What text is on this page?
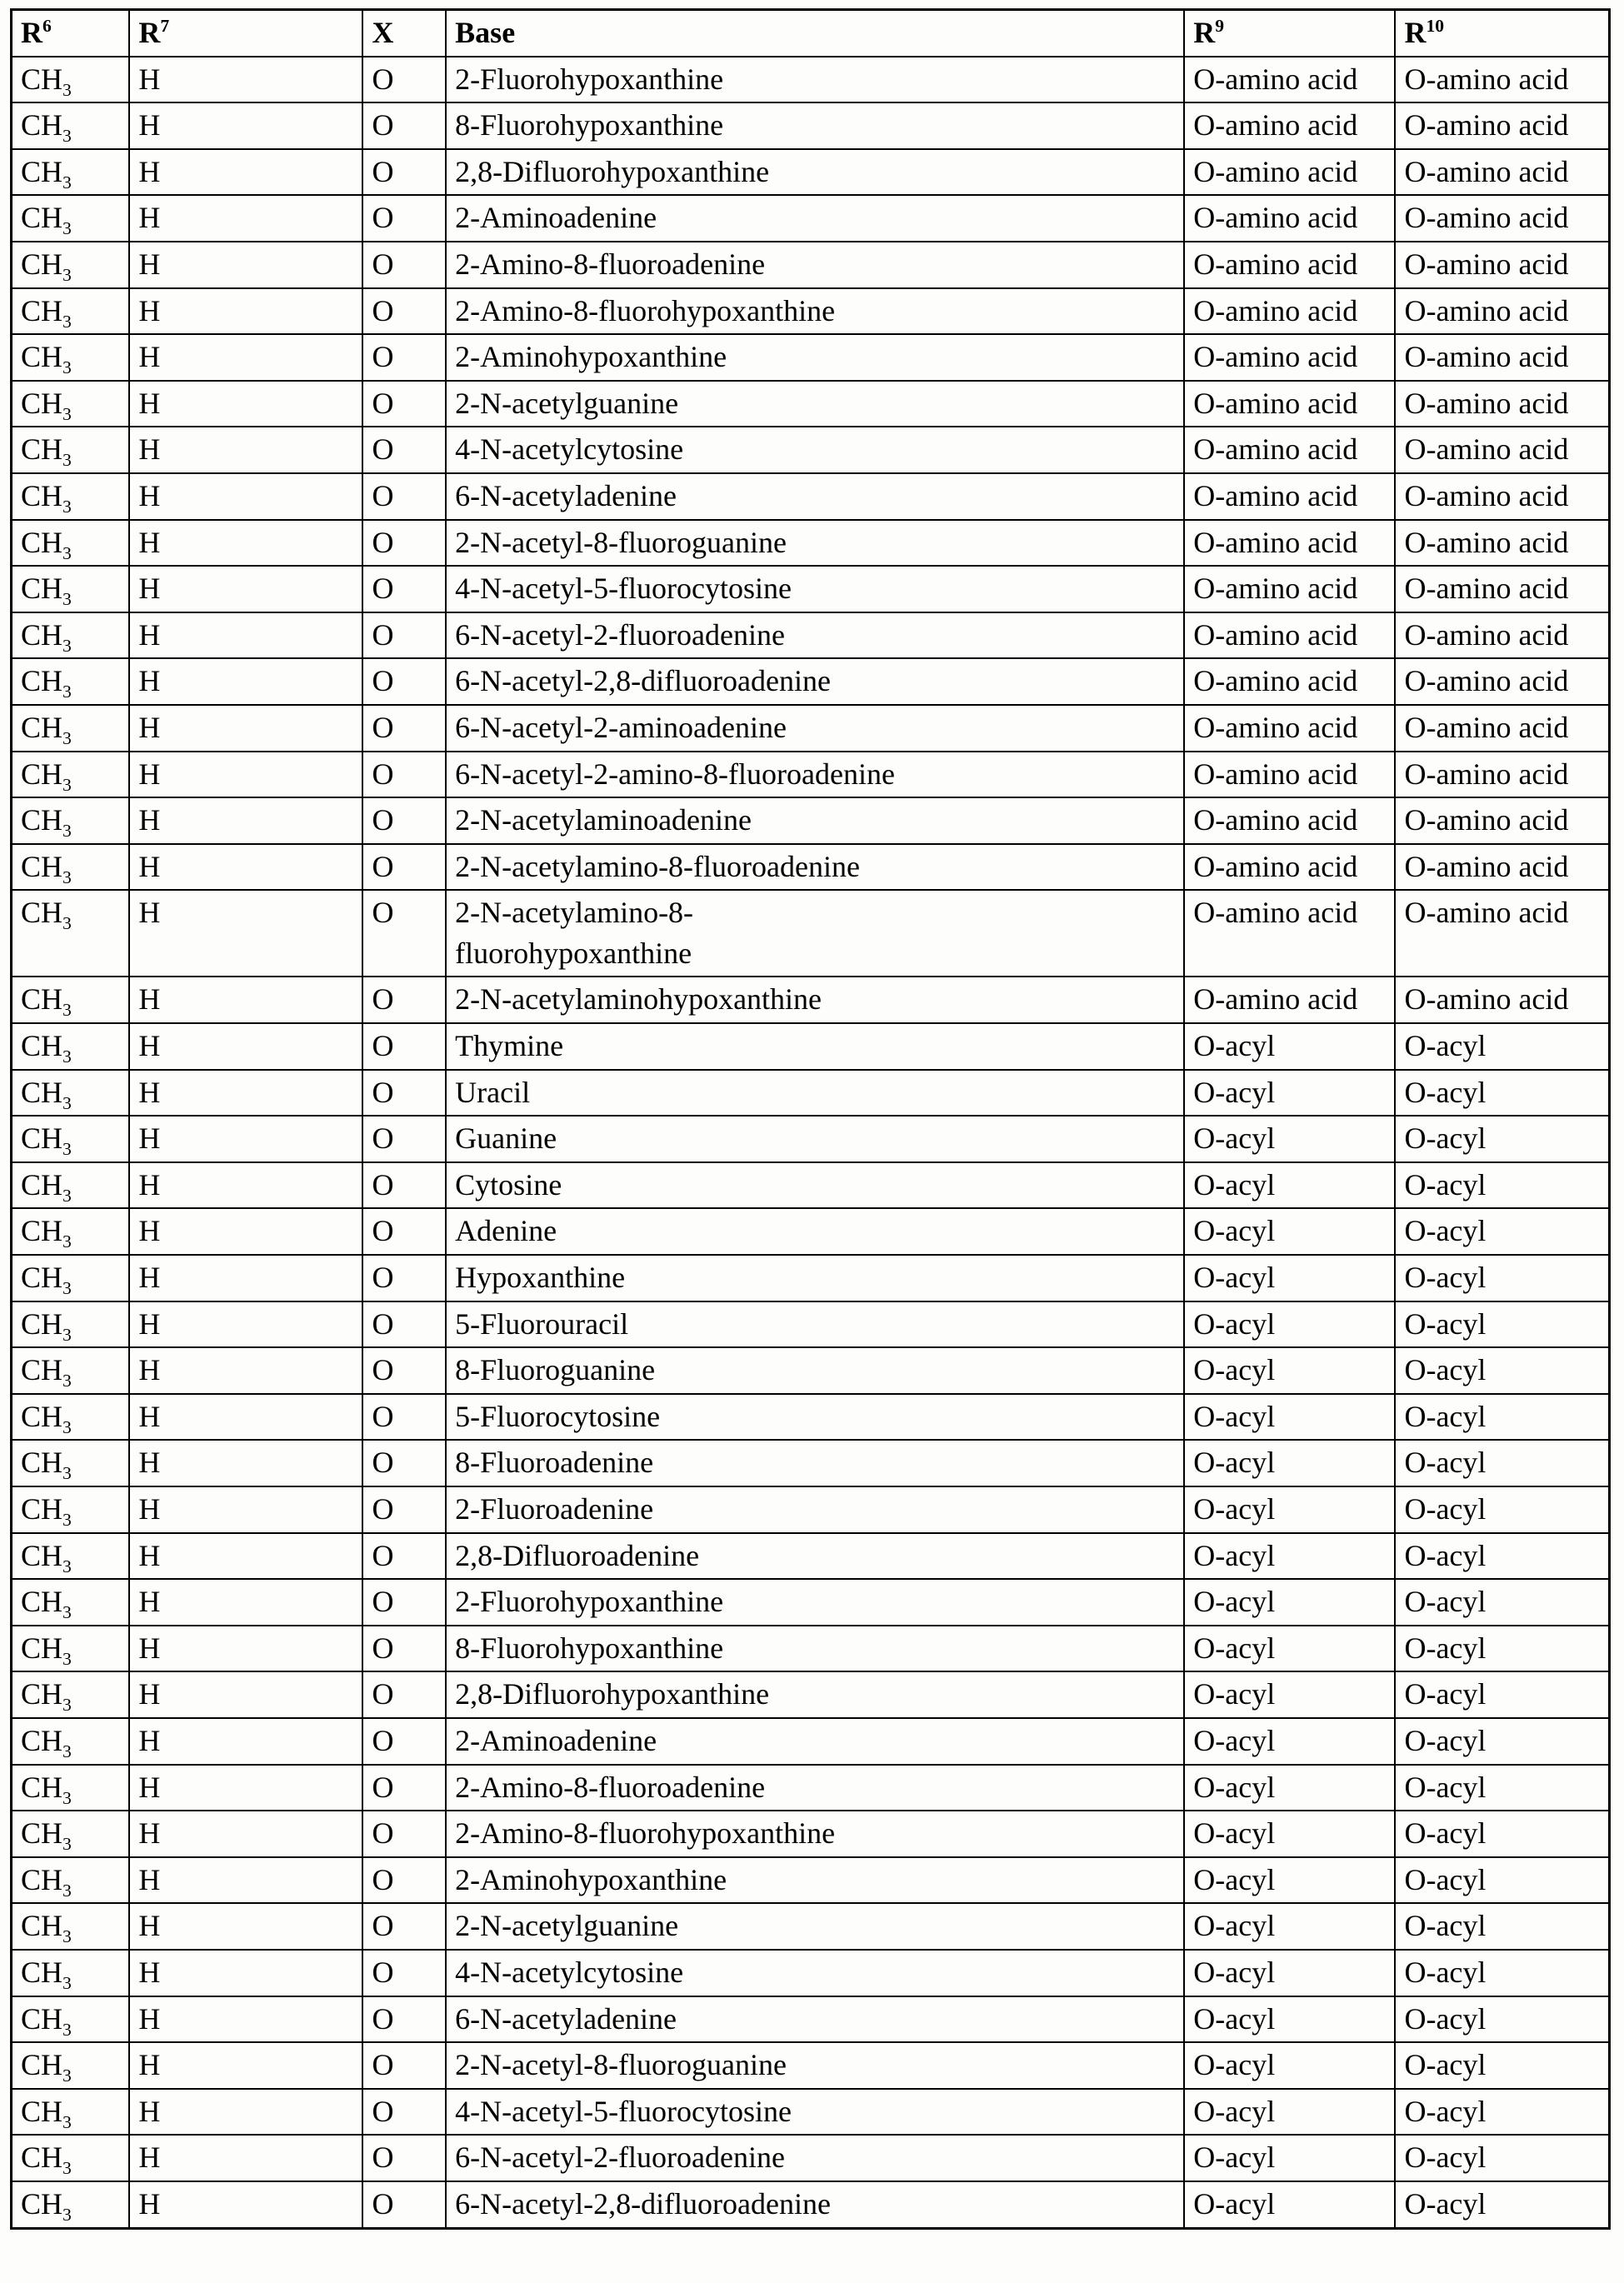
$R^6$	$R^7$	X	Base	$R^9$	$R^{10}$
$CH_3$	H	O	2-Fluorohypoxanthine	O-amino acid	O-amino acid
$CH_3$	H	O	8-Fluorohypoxanthine	O-amino acid	O-amino acid
$CH_3$	H	O	2,8-Difluorohypoxanthine	O-amino acid	O-amino acid
$CH_3$	H	O	2-Aminoadenine	O-amino acid	O-amino acid
$CH_3$	H	O	2-Amino-8-fluoroadenine	O-amino acid	O-amino acid
$CH_3$	H	O	2-Amino-8-fluorohypoxanthine	O-amino acid	O-amino acid
$CH_3$	H	O	2-Aminohypoxanthine	O-amino acid	O-amino acid
$CH_3$	H	O	2-N-acetylguanine	O-amino acid	O-amino acid
$CH_3$	H	O	4-N-acetylcytosine	O-amino acid	O-amino acid
$CH_3$	H	O	6-N-acetyladenine	O-amino acid	O-amino acid
$CH_3$	H	O	2-N-acetyl-8-fluoroguanine	O-amino acid	O-amino acid
$CH_3$	H	O	4-N-acetyl-5-fluorocytosine	O-amino acid	O-amino acid
$CH_3$	H	O	6-N-acetyl-2-fluoroadenine	O-amino acid	O-amino acid
$CH_3$	H	O	6-N-acetyl-2,8-difluoroadenine	O-amino acid	O-amino acid
$CH_3$	H	O	6-N-acetyl-2-aminoadenine	O-amino acid	O-amino acid
$CH_3$	H	O	6-N-acetyl-2-amino-8-fluoroadenine	O-amino acid	O-amino acid
$CH_3$	H	O	2-N-acetylaminoadenine	O-amino acid	O-amino acid
$CH_3$	H	O	2-N-acetylamino-8-fluoroadenine	O-amino acid	O-amino acid
$CH_3$	H	O	2-N-acetylamino-8-
fluorohypoxanthine	O-amino acid	O-amino acid
$CH_3$	H	O	2-N-acetylaminohypoxanthine	O-amino acid	O-amino acid
$CH_3$	H	O	Thymine	O-acyl	O-acyl
$CH_3$	H	O	Uracil	O-acyl	O-acyl
$CH_3$	H	O	Guanine	O-acyl	O-acyl
$CH_3$	H	O	Cytosine	O-acyl	O-acyl
$CH_3$	H	O	Adenine	O-acyl	O-acyl
$CH_3$	H	O	Hypoxanthine	O-acyl	O-acyl
$CH_3$	H	O	5-Fluorouracil	O-acyl	O-acyl
$CH_3$	H	O	8-Fluoroguanine	O-acyl	O-acyl
$CH_3$	H	O	5-Fluorocytosine	O-acyl	O-acyl
$CH_3$	H	O	8-Fluoroadenine	O-acyl	O-acyl
$CH_3$	H	O	2-Fluoroadenine	O-acyl	O-acyl
$CH_3$	H	O	2,8-Difluoroadenine	O-acyl	O-acyl
$CH_3$	H	O	2-Fluorohypoxanthine	O-acyl	O-acyl
$CH_3$	H	O	8-Fluorohypoxanthine	O-acyl	O-acyl
$CH_3$	H	O	2,8-Difluorohypoxanthine	O-acyl	O-acyl
$CH_3$	H	O	2-Aminoadenine	O-acyl	O-acyl
$CH_3$	H	O	2-Amino-8-fluoroadenine	O-acyl	O-acyl
$CH_3$	H	O	2-Amino-8-fluorohypoxanthine	O-acyl	O-acyl
$CH_3$	H	O	2-Aminohypoxanthine	O-acyl	O-acyl
$CH_3$	H	O	2-N-acetylguanine	O-acyl	O-acyl
$CH_3$	H	O	4-N-acetylcytosine	O-acyl	O-acyl
$CH_3$	H	O	6-N-acetyladenine	O-acyl	O-acyl
$CH_3$	H	O	2-N-acetyl-8-fluoroguanine	O-acyl	O-acyl
$CH_3$	H	O	4-N-acetyl-5-fluorocytosine	O-acyl	O-acyl
$CH_3$	H	O	6-N-acetyl-2-fluoroadenine	O-acyl	O-acyl
$CH_3$	H	O	6-N-acetyl-2,8-difluoroadenine	O-acyl	O-acyl
